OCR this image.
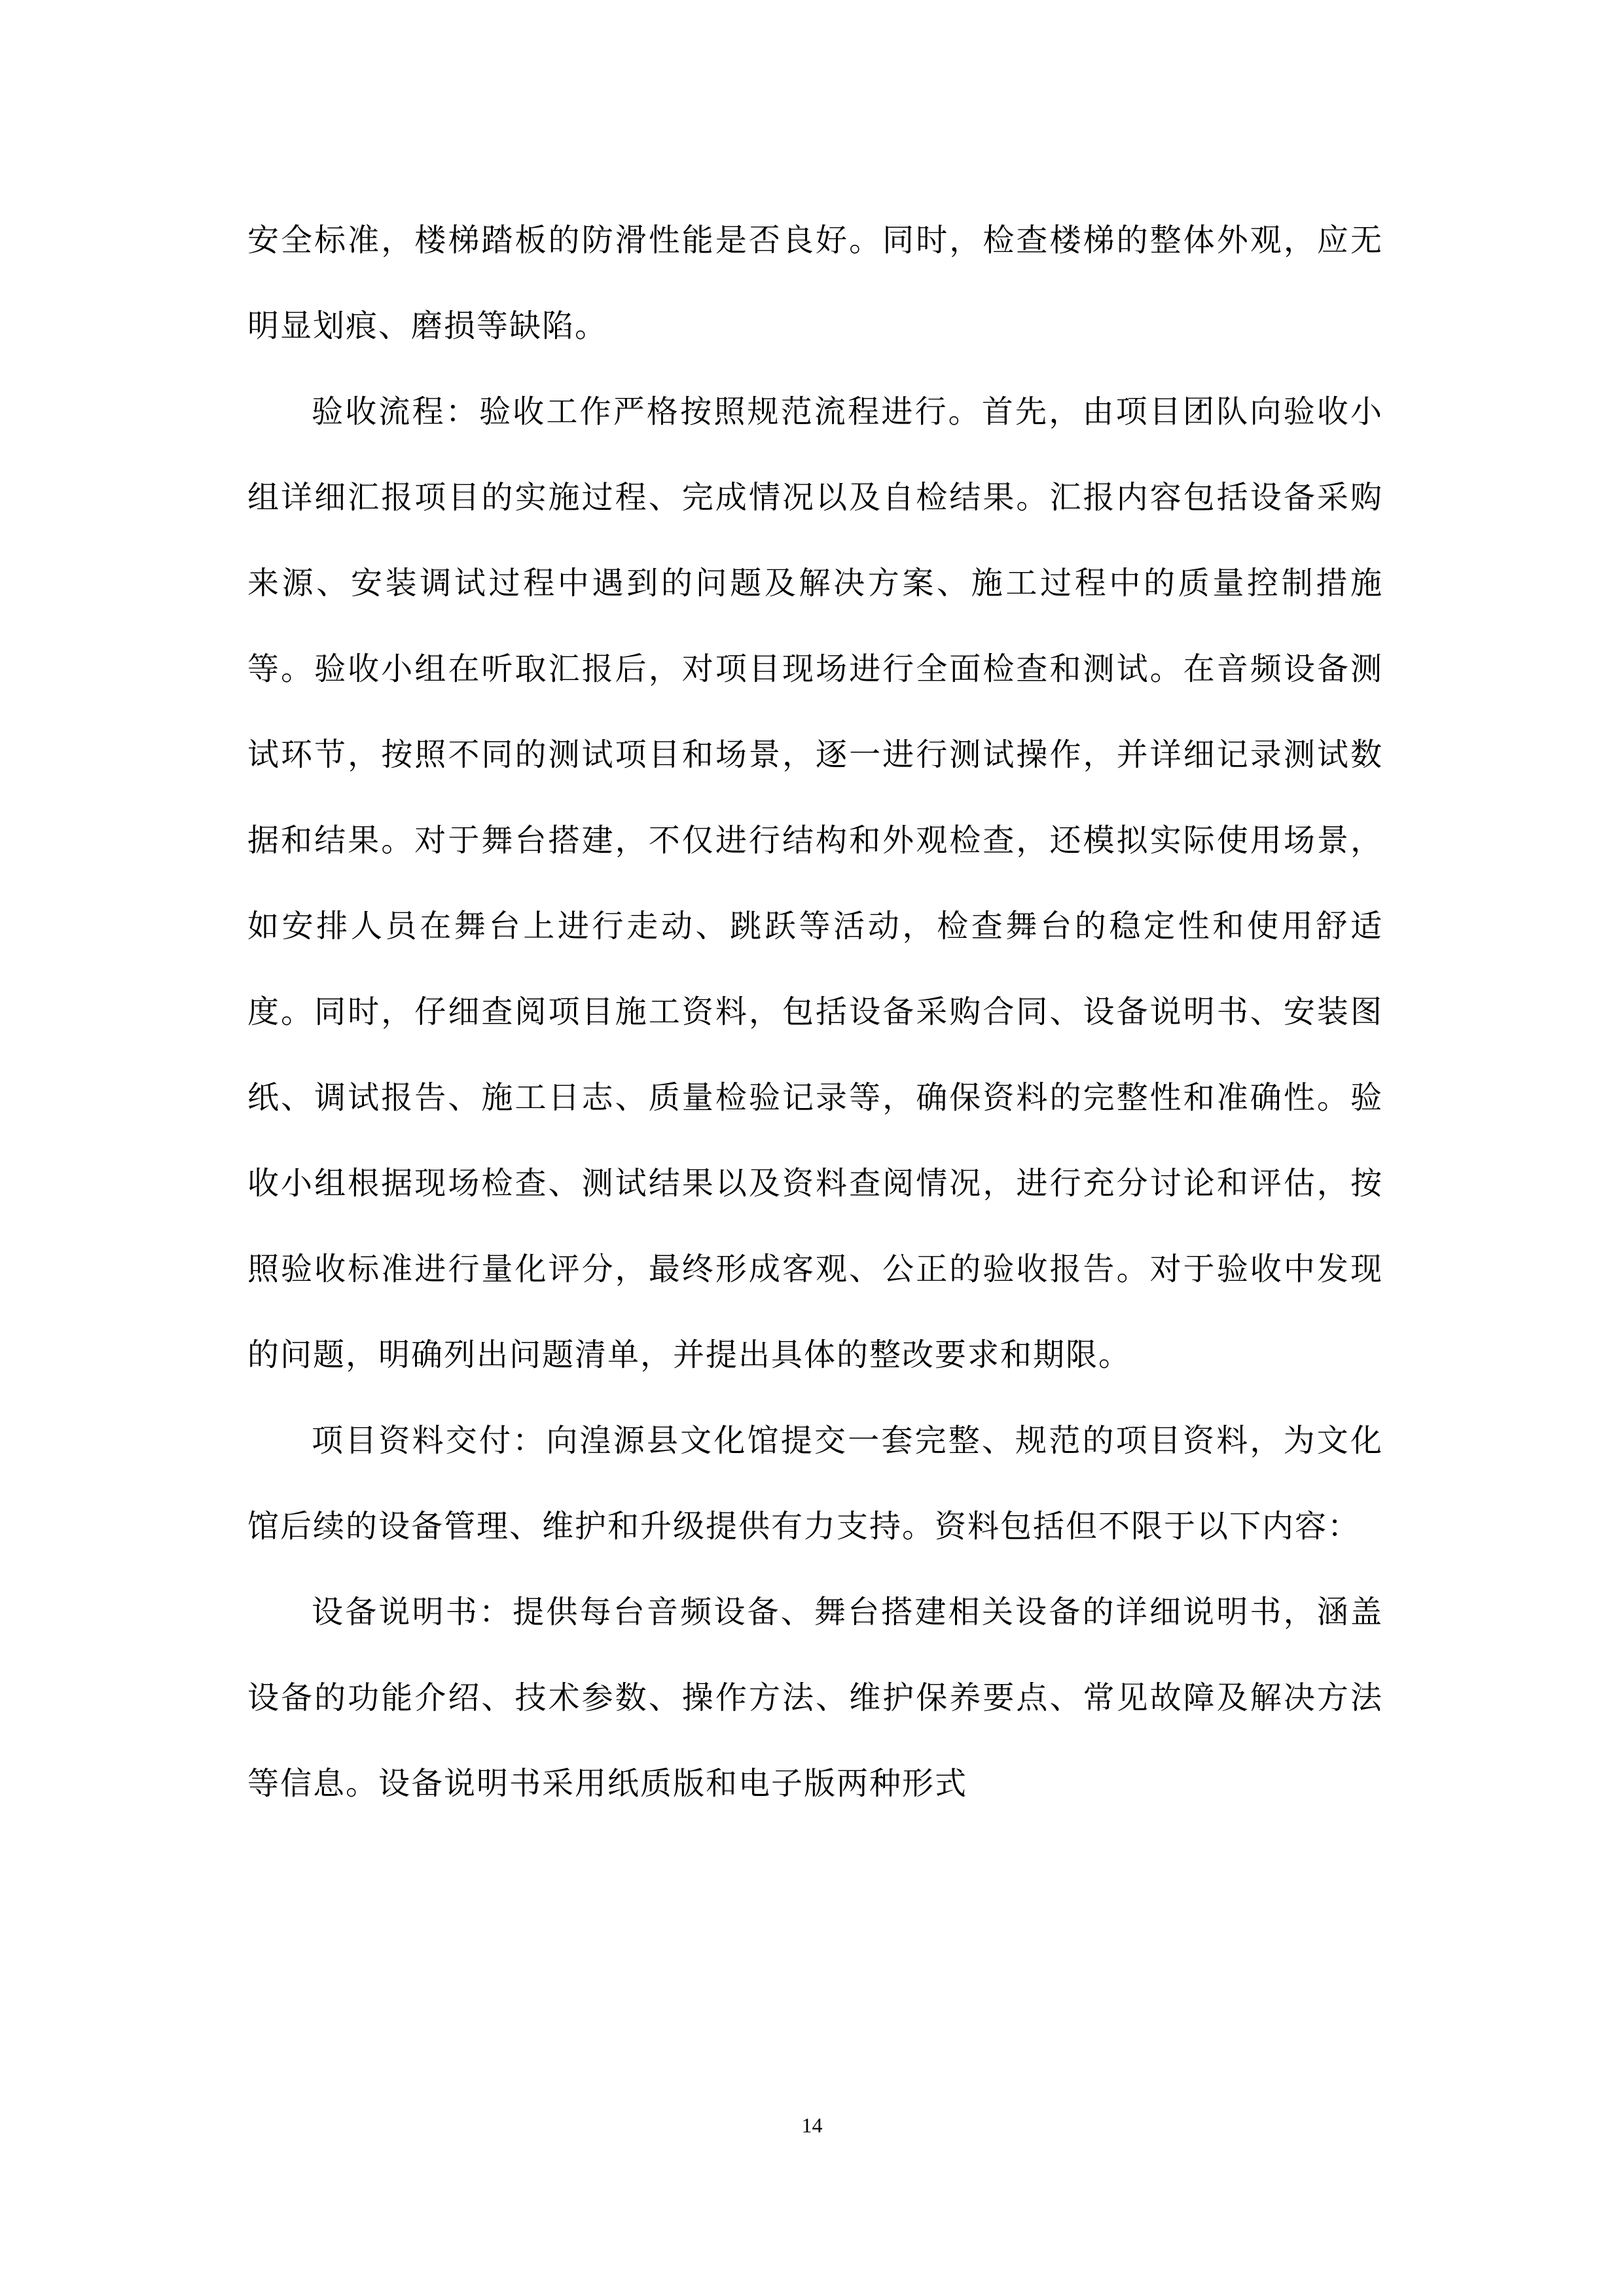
安全标准，楼梯踏板的防滑性能是否良好。同时，检查楼梯的整体外观，应无明显划痕、磨损等缺陷。

验收流程：验收工作严格按照规范流程进行。首先，由项目团队向验收小组详细汇报项目的实施过程、完成情况以及自检结果。汇报内容包括设备采购来源、安装调试过程中遇到的问题及解决方案、施工过程中的质量控制措施等。验收小组在听取汇报后，对项目现场进行全面检查和测试。在音频设备测试环节，按照不同的测试项目和场景，逐一进行测试操作，并详细记录测试数据和结果。对于舞台搭建，不仅进行结构和外观检查，还模拟实际使用场景，如安排人员在舞台上进行走动、跳跃等活动，检查舞台的稳定性和使用舒适度。同时，仔细查阅项目施工资料，包括设备采购合同、设备说明书、安装图纸、调试报告、施工日志、质量检验记录等，确保资料的完整性和准确性。验收小组根据现场检查、测试结果以及资料查阅情况，进行充分讨论和评估，按照验收标准进行量化评分，最终形成客观、公正的验收报告。对于验收中发现的问题，明确列出问题清单，并提出具体的整改要求和期限。

项目资料交付：向湟源县文化馆提交一套完整、规范的项目资料，为文化馆后续的设备管理、维护和升级提供有力支持。资料包括但不限于以下内容：

设备说明书：提供每台音频设备、舞台搭建相关设备的详细说明书，涵盖设备的功能介绍、技术参数、操作方法、维护保养要点、常见故障及解决方法等信息。设备说明书采用纸质版和电子版两种形式

14
